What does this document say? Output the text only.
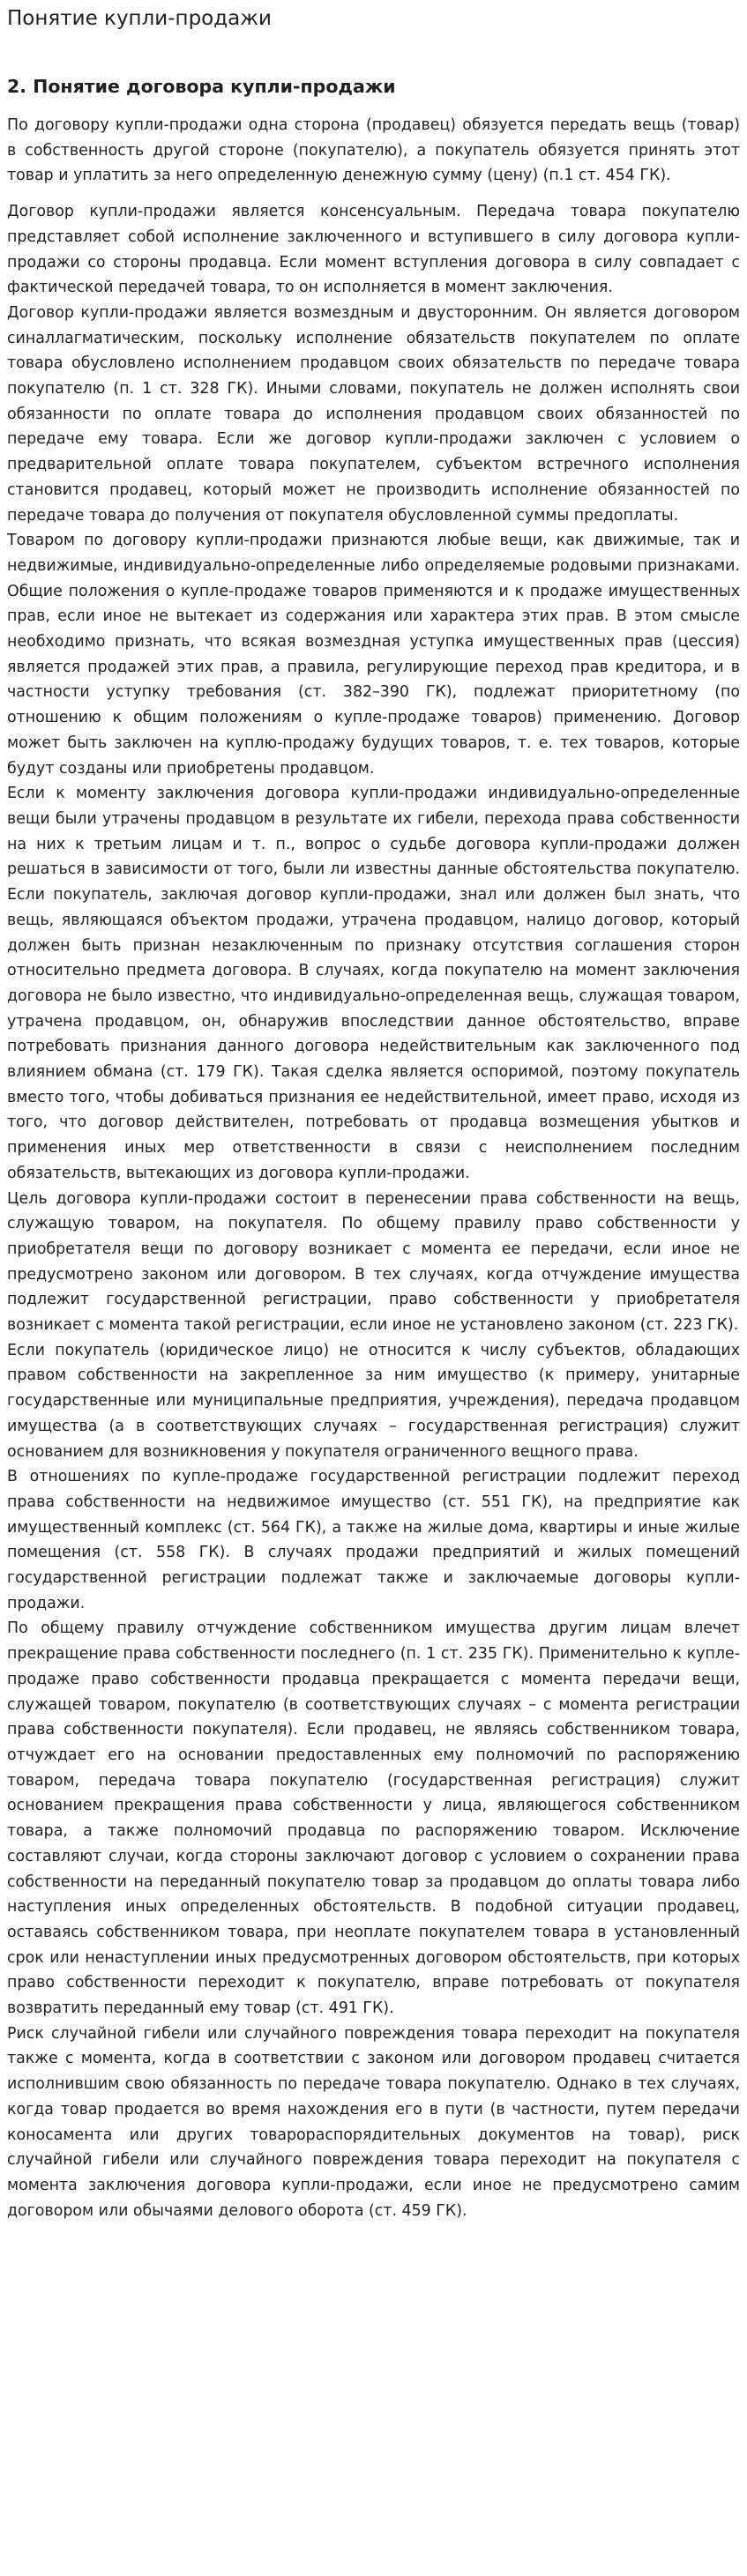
Понятие купли-продажи
2. Понятие договора купли-продажи

По договору купли-продажи одна сторона (продавец) обязуется передать вещь (товар) в собственность другой стороне (покупателю), а покупатель обязуется принять этот товар и уплатить за него определенную денежную сумму (цену) (п.1 ст. 454 ГК).

Договор купли-продажи является консенсуальным. Передача товара покупателю представляет собой исполнение заключенного и вступившего в силу договора купли-продажи со стороны продавца. Если момент вступления договора в силу совпадает с фактической передачей товара, то он исполняется в момент заключения.

Договор купли-продажи является возмездным и двусторонним. Он является договором синаллагматическим, поскольку исполнение обязательств покупателем по оплате товара обусловлено исполнением продавцом своих обязательств по передаче товара покупателю (п. 1 ст. 328 ГК). Иными словами, покупатель не должен исполнять свои обязанности по оплате товара до исполнения продавцом своих обязанностей по передаче ему товара. Если же договор купли-продажи заключен с условием о предварительной оплате товара покупателем, субъектом встречного исполнения становится продавец, который может не производить исполнение обязанностей по передаче товара до получения от покупателя обусловленной суммы предоплаты.

Товаром по договору купли-продажи признаются любые вещи, как движимые, так и недвижимые, индивидуально-определенные либо определяемые родовыми признаками. Общие положения о купле-продаже товаров применяются и к продаже имущественных прав, если иное не вытекает из содержания или характера этих прав. В этом смысле необходимо признать, что всякая возмездная уступка имущественных прав (цессия) является продажей этих прав, а правила, регулирующие переход прав кредитора, и в частности уступку требования (ст. 382–390 ГК), подлежат приоритетному (по отношению к общим положениям о купле-продаже товаров) применению. Договор может быть заключен на куплю-продажу будущих товаров, т. е. тех товаров, которые будут созданы или приобретены продавцом.

Если к моменту заключения договора купли-продажи индивидуально-определенные вещи были утрачены продавцом в результате их гибели, перехода права собственности на них к третьим лицам и т. п., вопрос о судьбе договора купли-продажи должен решаться в зависимости от того, были ли известны данные обстоятельства покупателю. Если покупатель, заключая договор купли-продажи, знал или должен был знать, что вещь, являющаяся объектом продажи, утрачена продавцом, налицо договор, который должен быть признан незаключенным по признаку отсутствия соглашения сторон относительно предмета договора. В случаях, когда покупателю на момент заключения договора не было известно, что индивидуально-определенная вещь, служащая товаром, утрачена продавцом, он, обнаружив впоследствии данное обстоятельство, вправе потребовать признания данного договора недействительным как заключенного под влиянием обмана (ст. 179 ГК). Такая сделка является оспоримой, поэтому покупатель вместо того, чтобы добиваться признания ее недействительной, имеет право, исходя из того, что договор действителен, потребовать от продавца возмещения убытков и применения иных мер ответственности в связи с неисполнением последним обязательств, вытекающих из договора купли-продажи.

Цель договора купли-продажи состоит в перенесении права собственности на вещь, служащую товаром, на покупателя. По общему правилу право собственности у приобретателя вещи по договору возникает с момента ее передачи, если иное не предусмотрено законом или договором. В тех случаях, когда отчуждение имущества подлежит государственной регистрации, право собственности у приобретателя возникает с момента такой регистрации, если иное не установлено законом (ст. 223 ГК).

Если покупатель (юридическое лицо) не относится к числу субъектов, обладающих правом собственности на закрепленное за ним имущество (к примеру, унитарные государственные или муниципальные предприятия, учреждения), передача продавцом имущества (а в соответствующих случаях – государственная регистрация) служит основанием для возникновения у покупателя ограниченного вещного права.

В отношениях по купле-продаже государственной регистрации подлежит переход права собственности на недвижимое имущество (ст. 551 ГК), на предприятие как имущественный комплекс (ст. 564 ГК), а также на жилые дома, квартиры и иные жилые помещения (ст. 558 ГК). В случаях продажи предприятий и жилых помещений государственной регистрации подлежат также и заключаемые договоры купли-продажи.

По общему правилу отчуждение собственником имущества другим лицам влечет прекращение права собственности последнего (п. 1 ст. 235 ГК). Применительно к купле-продаже право собственности продавца прекращается с момента передачи вещи, служащей товаром, покупателю (в соответствующих случаях – с момента регистрации права собственности покупателя). Если продавец, не являясь собственником товара, отчуждает его на основании предоставленных ему полномочий по распоряжению товаром, передача товара покупателю (государственная регистрация) служит основанием прекращения права собственности у лица, являющегося собственником товара, а также полномочий продавца по распоряжению товаром. Исключение составляют случаи, когда стороны заключают договор с условием о сохранении права собственности на переданный покупателю товар за продавцом до оплаты товара либо наступления иных определенных обстоятельств. В подобной ситуации продавец, оставаясь собственником товара, при неоплате покупателем товара в установленный срок или ненаступлении иных предусмотренных договором обстоятельств, при которых право собственности переходит к покупателю, вправе потребовать от покупателя возвратить переданный ему товар (ст. 491 ГК).

Риск случайной гибели или случайного повреждения товара переходит на покупателя также с момента, когда в соответствии с законом или договором продавец считается исполнившим свою обязанность по передаче товара покупателю. Однако в тех случаях, когда товар продается во время нахождения его в пути (в частности, путем передачи коносамента или других товарораспорядительных документов на товар), риск случайной гибели или случайного повреждения товара переходит на покупателя с момента заключения договора купли-продажи, если иное не предусмотрено самим договором или обычаями делового оборота (ст. 459 ГК).
